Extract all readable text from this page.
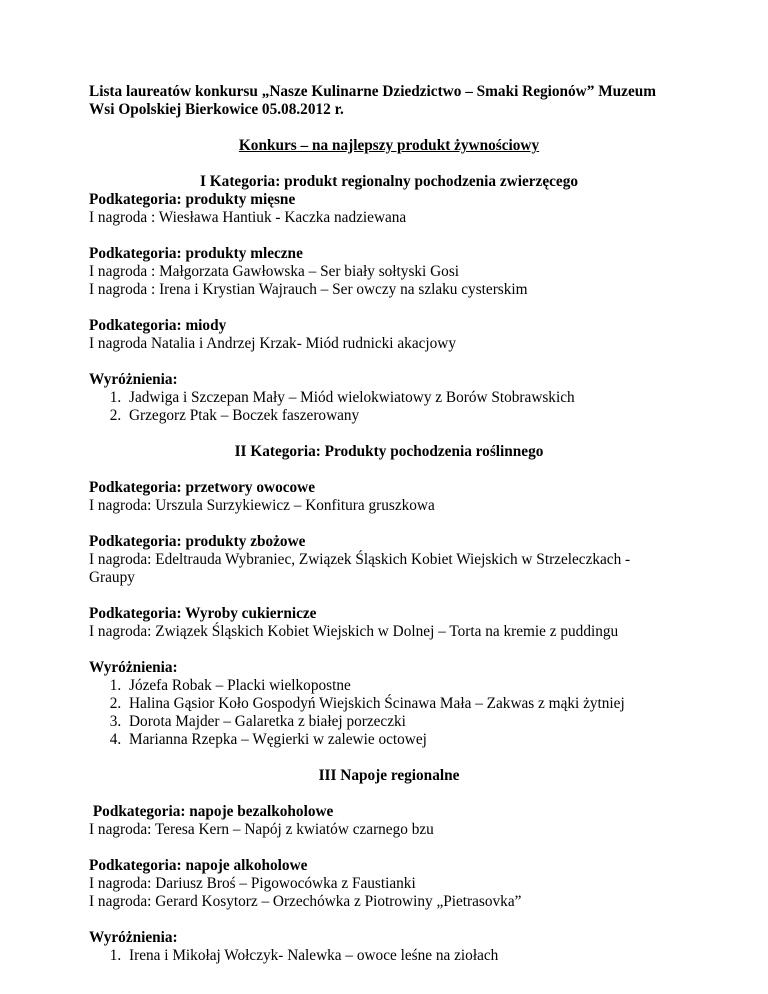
Lista laureatów konkursu „Nasze Kulinarne Dziedzictwo – Smaki Regionów” Muzeum

Wsi Opolskiej Bierkowice 05.08.2012 r.

Konkurs – na najlepszy produkt żywnościowy

I Kategoria: produkt regionalny pochodzenia zwierzęcego

Podkategoria: produkty mięsne

I nagroda : Wiesława Hantiuk - Kaczka nadziewana

Podkategoria: produkty mleczne

I nagroda : Małgorzata Gawłowska – Ser biały sołtyski Gosi

I nagroda : Irena i Krystian Wajrauch – Ser owczy na szlaku cysterskim

Podkategoria: miody

I nagroda Natalia i Andrzej Krzak- Miód rudnicki akacjowy

Wyróżnienia:

1. Jadwiga i Szczepan Mały – Miód wielokwiatowy z Borów Stobrawskich
2. Grzegorz Ptak – Boczek faszerowany

II Kategoria: Produkty pochodzenia roślinnego

Podkategoria: przetwory owocowe

I nagroda: Urszula Surzykiewicz – Konfitura gruszkowa

Podkategoria: produkty zbożowe

I nagroda: Edeltrauda Wybraniec, Związek Śląskich Kobiet Wiejskich w Strzeleczkach -

Graupy

Podkategoria: Wyroby cukiernicze

I nagroda: Związek Śląskich Kobiet Wiejskich w Dolnej – Torta na kremie z puddingu

Wyróżnienia:

1. Józefa Robak – Placki wielkopostne
2. Halina Gąsior Koło Gospodyń Wiejskich Ścinawa Mała – Zakwas z mąki żytniej
3. Dorota Majder – Galaretka z białej porzeczki
4. Marianna Rzepka – Węgierki w zalewie octowej

III Napoje regionalne

Podkategoria: napoje bezalkoholowe

I nagroda: Teresa Kern – Napój z kwiatów czarnego bzu

Podkategoria: napoje alkoholowe

I nagroda: Dariusz Broś – Pigowocówka z Faustianki

I nagroda: Gerard Kosytorz – Orzechówka z Piotrowiny „Pietrasovka”

Wyróżnienia:

1. Irena i Mikołaj Wołczyk- Nalewka – owoce leśne na ziołach
